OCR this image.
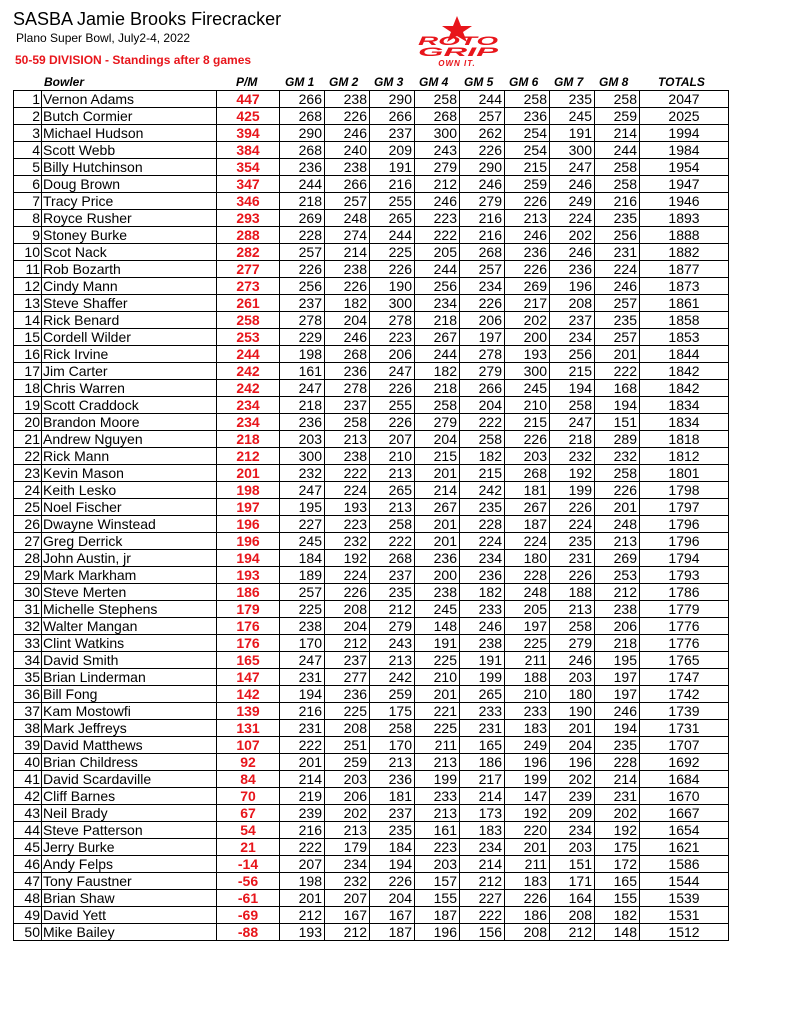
SASBA Jamie Brooks Firecracker
Plano Super Bowl, July2-4, 2022
50-59 DIVISION - Standings after 8 games
ROTO
GRIP
OWN IT.
Bowler	P/M GM 1 GM 2 GM 3 GM 4 GM 5 GM 6 GM 7 GM 8 TOTALS
1	Vernon Adams	447	266	238	290	258	244	258	235	258	2047
2	Butch Cormier	425	268	226	266	268	257	236	245	259	2025
3	Michael Hudson	394	290	246	237	300	262	254	191	214	1994
4	Scott Webb	384	268	240	209	243	226	254	300	244	1984
5	Billy Hutchinson	354	236	238	191	279	290	215	247	258	1954
6	Doug Brown	347	244	266	216	212	246	259	246	258	1947
7	Tracy Price	346	218	257	255	246	279	226	249	216	1946
8	Royce Rusher	293	269	248	265	223	216	213	224	235	1893
9	Stoney Burke	288	228	274	244	222	216	246	202	256	1888
10	Scot Nack	282	257	214	225	205	268	236	246	231	1882
11	Rob Bozarth	277	226	238	226	244	257	226	236	224	1877
12	Cindy Mann	273	256	226	190	256	234	269	196	246	1873
13	Steve Shaffer	261	237	182	300	234	226	217	208	257	1861
14	Rick Benard	258	278	204	278	218	206	202	237	235	1858
15	Cordell Wilder	253	229	246	223	267	197	200	234	257	1853
16	Rick Irvine	244	198	268	206	244	278	193	256	201	1844
17	Jim Carter	242	161	236	247	182	279	300	215	222	1842
18	Chris Warren	242	247	278	226	218	266	245	194	168	1842
19	Scott Craddock	234	218	237	255	258	204	210	258	194	1834
20	Brandon Moore	234	236	258	226	279	222	215	247	151	1834
21	Andrew Nguyen	218	203	213	207	204	258	226	218	289	1818
22	Rick Mann	212	300	238	210	215	182	203	232	232	1812
23	Kevin Mason	201	232	222	213	201	215	268	192	258	1801
24	Keith Lesko	198	247	224	265	214	242	181	199	226	1798
25	Noel Fischer	197	195	193	213	267	235	267	226	201	1797
26	Dwayne Winstead	196	227	223	258	201	228	187	224	248	1796
27	Greg Derrick	196	245	232	222	201	224	224	235	213	1796
28	John Austin, jr	194	184	192	268	236	234	180	231	269	1794
29	Mark Markham	193	189	224	237	200	236	228	226	253	1793
30	Steve Merten	186	257	226	235	238	182	248	188	212	1786
31	Michelle Stephens	179	225	208	212	245	233	205	213	238	1779
32	Walter Mangan	176	238	204	279	148	246	197	258	206	1776
33	Clint Watkins	176	170	212	243	191	238	225	279	218	1776
34	David Smith	165	247	237	213	225	191	211	246	195	1765
35	Brian Linderman	147	231	277	242	210	199	188	203	197	1747
36	Bill Fong	142	194	236	259	201	265	210	180	197	1742
37	Kam Mostowfi	139	216	225	175	221	233	233	190	246	1739
38	Mark Jeffreys	131	231	208	258	225	231	183	201	194	1731
39	David Matthews	107	222	251	170	211	165	249	204	235	1707
40	Brian Childress	92	201	259	213	213	186	196	196	228	1692
41	David Scardaville	84	214	203	236	199	217	199	202	214	1684
42	Cliff Barnes	70	219	206	181	233	214	147	239	231	1670
43	Neil Brady	67	239	202	237	213	173	192	209	202	1667
44	Steve Patterson	54	216	213	235	161	183	220	234	192	1654
45	Jerry Burke	21	222	179	184	223	234	201	203	175	1621
46	Andy Felps	-14	207	234	194	203	214	211	151	172	1586
47	Tony Faustner	-56	198	232	226	157	212	183	171	165	1544
48	Brian Shaw	-61	201	207	204	155	227	226	164	155	1539
49	David Yett	-69	212	167	167	187	222	186	208	182	1531
50	Mike Bailey	-88	193	212	187	196	156	208	212	148	1512
